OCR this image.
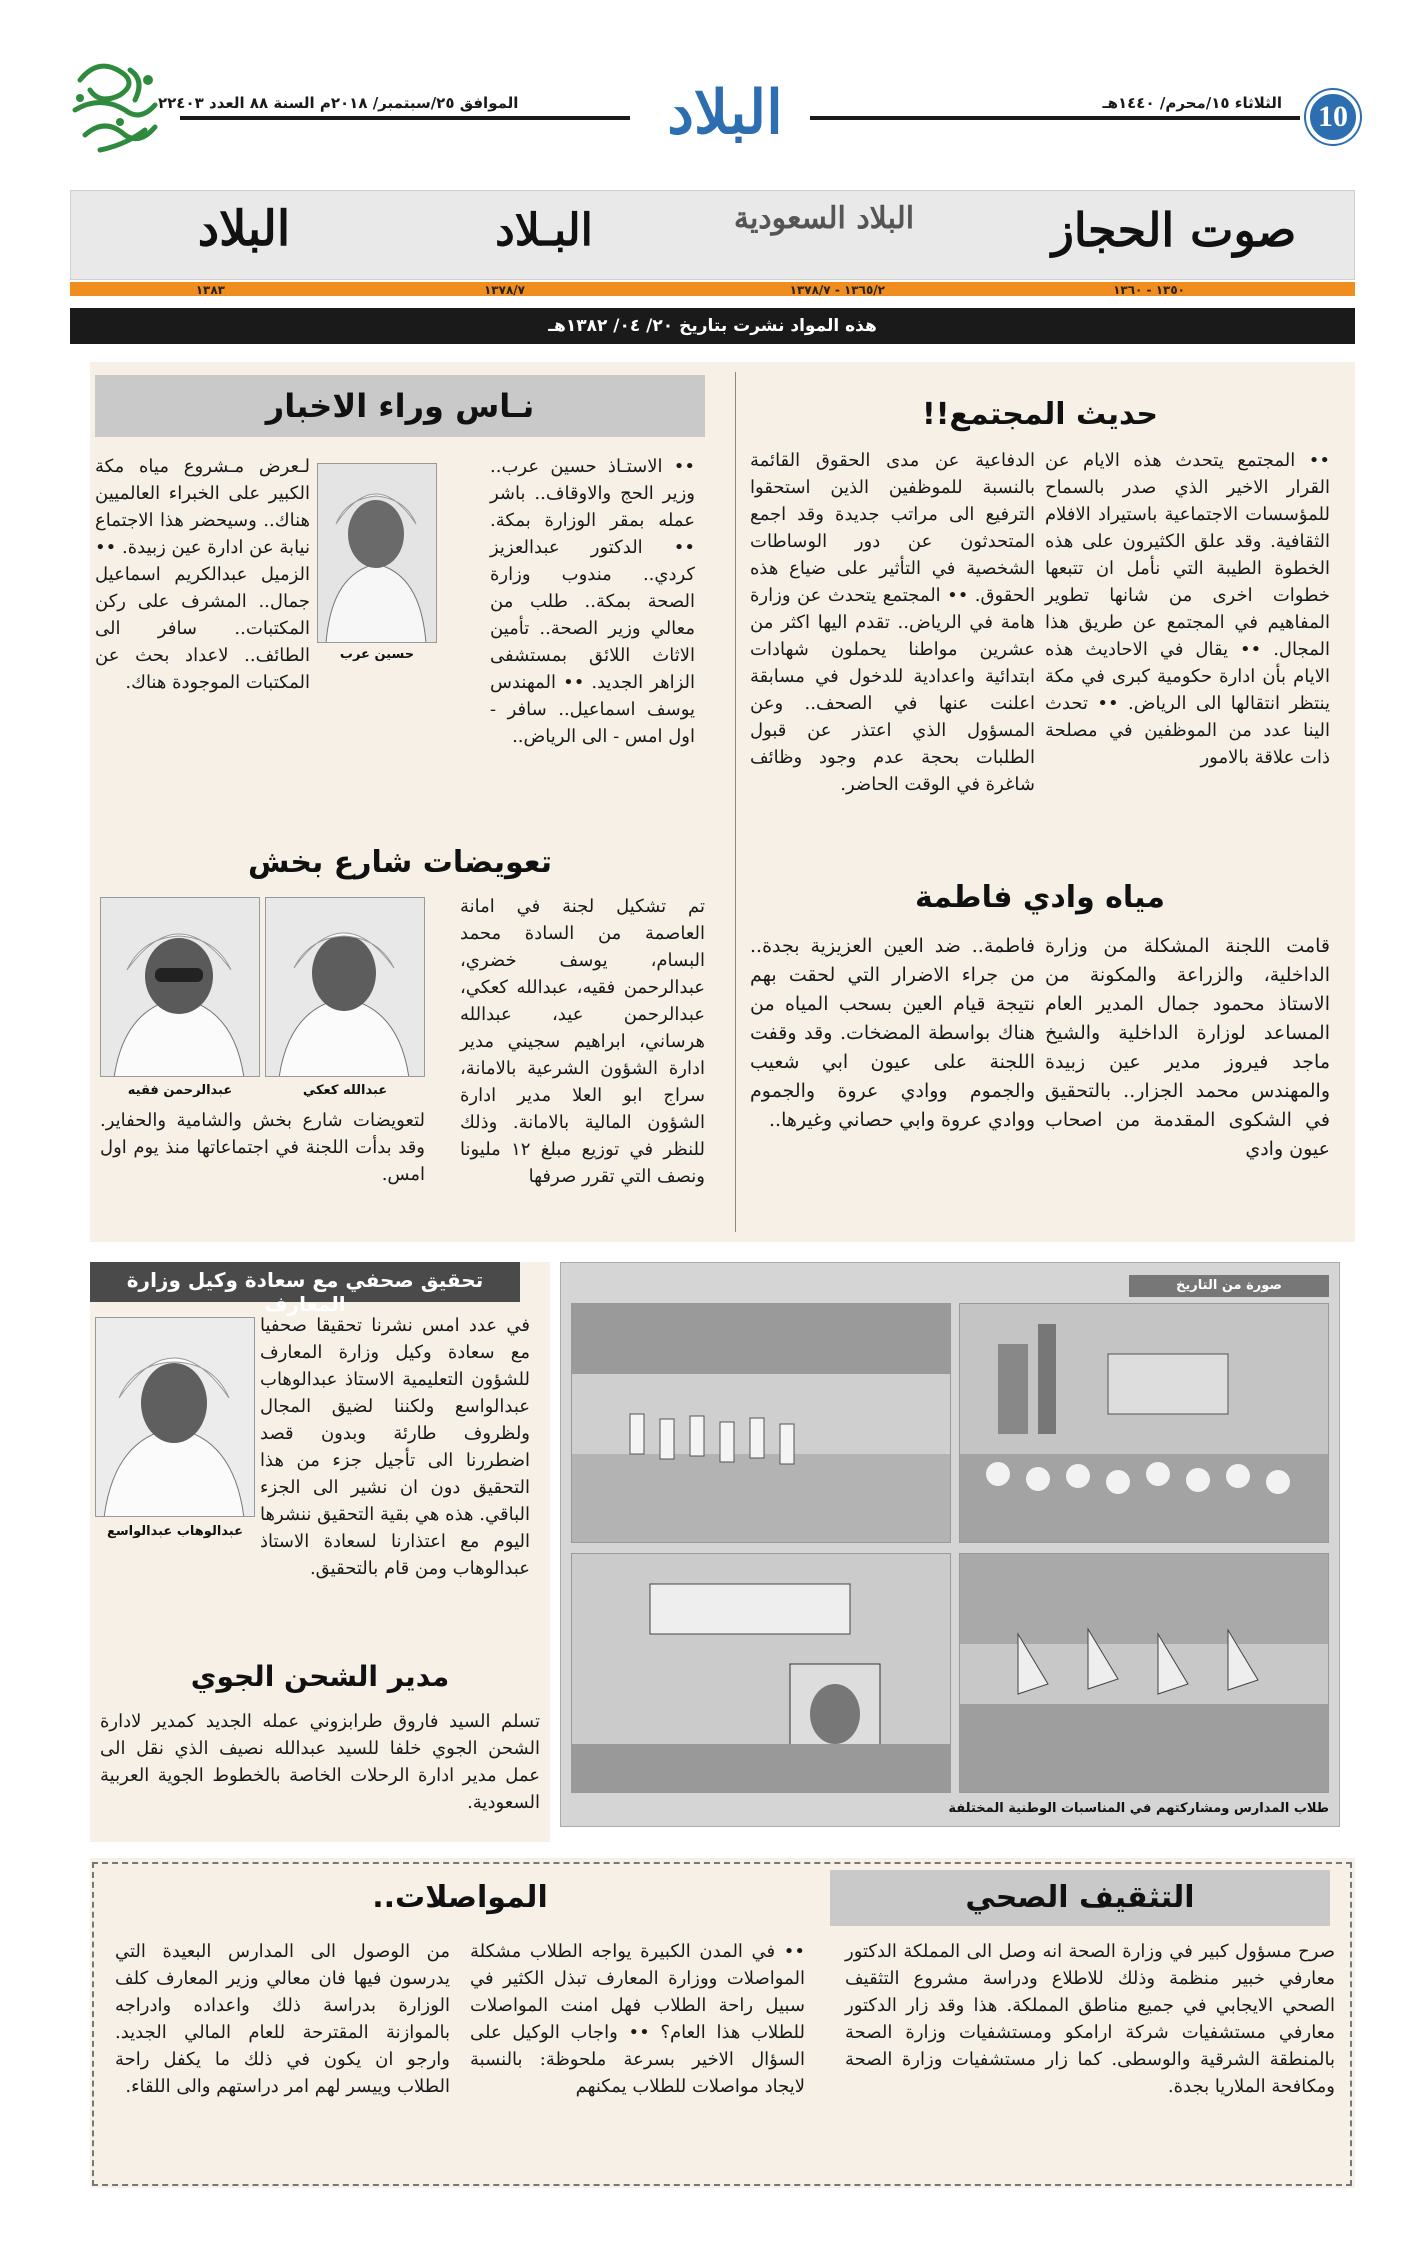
10
الثلاثاء ١٥/محرم/ ١٤٤٠هـ
الموافق ٢٥/سبتمبر/ ٢٠١٨م السنة ٨٨ العدد ٢٢٤٠٣ البلاد
صوت الحجاز
البلاد السعودية
البـلاد
البلاد
١٣٥٠ - ١٣٦٠
١٣٦٥/٢ - ١٣٧٨/٧
١٣٧٨/٧
١٣٨٣
هذه المواد نشرت بتاريخ ٢٠/ ٠٤/ ١٣٨٢هـ
حديث المجتمع!!
•• المجتمع يتحدث هذه الايام عن القرار الاخير الذي صدر بالسماح للمؤسسات الاجتماعية باستيراد الافلام الثقافية. وقد علق الكثيرون على هذه الخطوة الطيبة التي نأمل ان تتبعها خطوات اخرى من شانها تطوير المفاهيم في المجتمع عن طريق هذا المجال. •• يقال في الاحاديث هذه الايام بأن ادارة حكومية كبرى في مكة ينتظر انتقالها الى الرياض. •• تحدث الينا عدد من الموظفين في مصلحة ذات علاقة بالامور
الدفاعية عن مدى الحقوق القائمة بالنسبة للموظفين الذين استحقوا الترفيع الى مراتب جديدة وقد اجمع المتحدثون عن دور الوساطات الشخصية في التأثير على ضياع هذه الحقوق. •• المجتمع يتحدث عن وزارة هامة في الرياض.. تقدم اليها اكثر من عشرين مواطنا يحملون شهادات ابتدائية واعدادية للدخول في مسابقة اعلنت عنها في الصحف.. وعن المسؤول الذي اعتذر عن قبول الطلبات بحجة عدم وجود وظائف شاغرة في الوقت الحاضر.
نـاس وراء الاخبار
•• الاستـاذ حسين عرب.. وزير الحج والاوقاف.. باشر عمله بمقر الوزارة بمكة. •• الدكتور عبدالعزيز كردي.. مندوب وزارة الصحة بمكة.. طلب من معالي وزير الصحة.. تأمين الاثاث اللائق بمستشفى الزاهر الجديد. •• المهندس يوسف اسماعيل.. سافر - اول امس - الى الرياض..
حسين عرب
لـعرض مـشروع مياه مكة الكبير على الخبراء العالميين هناك.. وسيحضر هذا الاجتماع نيابة عن ادارة عين زبيدة. •• الزميل عبدالكريم اسماعيل جمال.. المشرف على ركن المكتبات.. سافر الى الطائف.. لاعداد بحث عن المكتبات الموجودة هناك.
مياه وادي فاطمة
قامت اللجنة المشكلة من وزارة الداخلية، والزراعة والمكونة من الاستاذ محمود جمال المدير العام المساعد لوزارة الداخلية والشيخ ماجد فيروز مدير عين زبيدة والمهندس محمد الجزار.. بالتحقيق في الشكوى المقدمة من اصحاب عيون وادي
فاطمة.. ضد العين العزيزية بجدة.. من جراء الاضرار التي لحقت بهم نتيجة قيام العين بسحب المياه من هناك بواسطة المضخات. وقد وقفت اللجنة على عيون ابي شعيب والجموم ووادي عروة والجموم ووادي عروة وابي حصاني وغيرها..
تعويضات شارع بخش
تم تشكيل لجنة في امانة العاصمة من السادة محمد البسام، يوسف خضري، عبدالرحمن فقيه، عبدالله كعكي، عبدالرحمن عيد، عبدالله هرساني، ابراهيم سجيني مدير ادارة الشؤون الشرعية بالامانة، سراج ابو العلا مدير ادارة الشؤون المالية بالامانة. وذلك للنظر في توزيع مبلغ ١٢ مليونا ونصف التي تقرر صرفها
عبدالله كعكي
عبدالرحمن فقيه
لتعويضات شارع بخش والشامية والحفاير. وقد بدأت اللجنة في اجتماعاتها منذ يوم اول امس.
تحقيق صحفي مع سعادة وكيل وزارة المعارف
عبدالوهاب عبدالواسع
في عدد امس نشرنا تحقيقا صحفيا مع سعادة وكيل وزارة المعارف للشؤون التعليمية الاستاذ عبدالوهاب عبدالواسع ولكننا لضيق المجال ولظروف طارئة وبدون قصد اضطررنا الى تأجيل جزء من هذا التحقيق دون ان نشير الى الجزء الباقي. هذه هي بقية التحقيق ننشرها اليوم مع اعتذارنا لسعادة الاستاذ عبدالوهاب ومن قام بالتحقيق.
مدير الشحن الجوي
تسلم السيد فاروق طرابزوني عمله الجديد كمدير لادارة الشحن الجوي خلفا للسيد عبدالله نصيف الذي نقل الى عمل مدير ادارة الرحلات الخاصة بالخطوط الجوية العربية السعودية.
صورة من التاريخ
طلاب المدارس ومشاركتهم في المناسبات الوطنية المختلفة
التثقيف الصحي
صرح مسؤول كبير في وزارة الصحة انه وصل الى المملكة الدكتور معارفي خبير منظمة وذلك للاطلاع ودراسة مشروع التثقيف الصحي الايجابي في جميع مناطق المملكة. هذا وقد زار الدكتور معارفي مستشفيات شركة ارامكو ومستشفيات وزارة الصحة بالمنطقة الشرقية والوسطى. كما زار مستشفيات وزارة الصحة ومكافحة الملاريا بجدة.
المواصلات..
•• في المدن الكبيرة يواجه الطلاب مشكلة المواصلات ووزارة المعارف تبذل الكثير في سبيل راحة الطلاب فهل امنت المواصلات للطلاب هذا العام؟ •• واجاب الوكيل على السؤال الاخير بسرعة ملحوظة: بالنسبة لايجاد مواصلات للطلاب يمكنهم
من الوصول الى المدارس البعيدة التي يدرسون فيها فان معالي وزير المعارف كلف الوزارة بدراسة ذلك واعداده وادراجه بالموازنة المقترحة للعام المالي الجديد. وارجو ان يكون في ذلك ما يكفل راحة الطلاب وييسر لهم امر دراستهم والى اللقاء.
